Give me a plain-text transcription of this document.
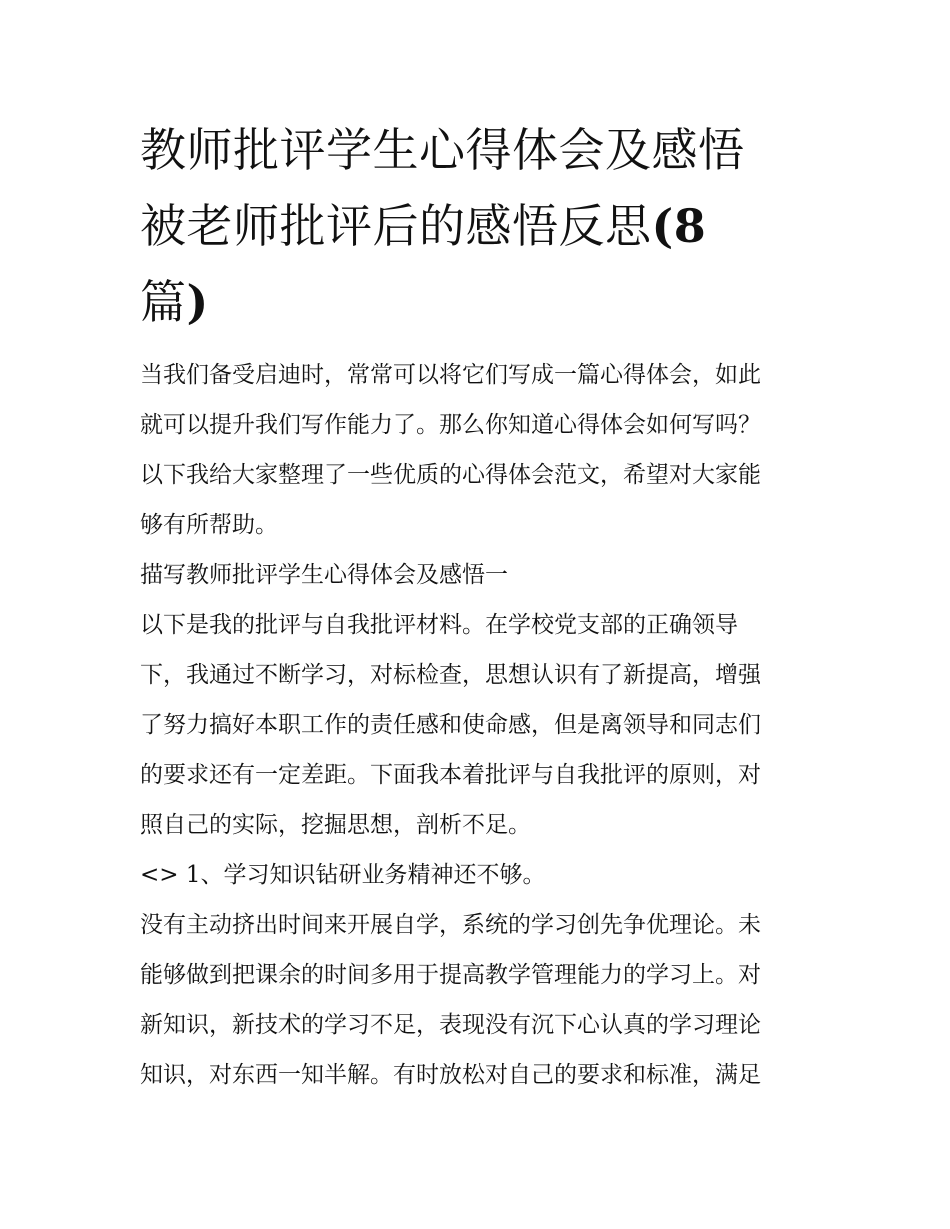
教师批评学生心得体会及感悟
被老师批评后的感悟反思(8
篇)

当我们备受启迪时，常常可以将它们写成一篇心得体会，如此
就可以提升我们写作能力了。那么你知道心得体会如何写吗？
以下我给大家整理了一些优质的心得体会范文，希望对大家能
够有所帮助。

描写教师批评学生心得体会及感悟一

以下是我的批评与自我批评材料。在学校党支部的正确领导
下，我通过不断学习，对标检查，思想认识有了新提高，增强
了努力搞好本职工作的责任感和使命感，但是离领导和同志们
的要求还有一定差距。下面我本着批评与自我批评的原则，对
照自己的实际，挖掘思想，剖析不足。

<> 1、学习知识钻研业务精神还不够。

没有主动挤出时间来开展自学，系统的学习创先争优理论。未
能够做到把课余的时间多用于提高教学管理能力的学习上。对
新知识，新技术的学习不足，表现没有沉下心认真的学习理论
知识，对东西一知半解。有时放松对自己的要求和标准，满足
